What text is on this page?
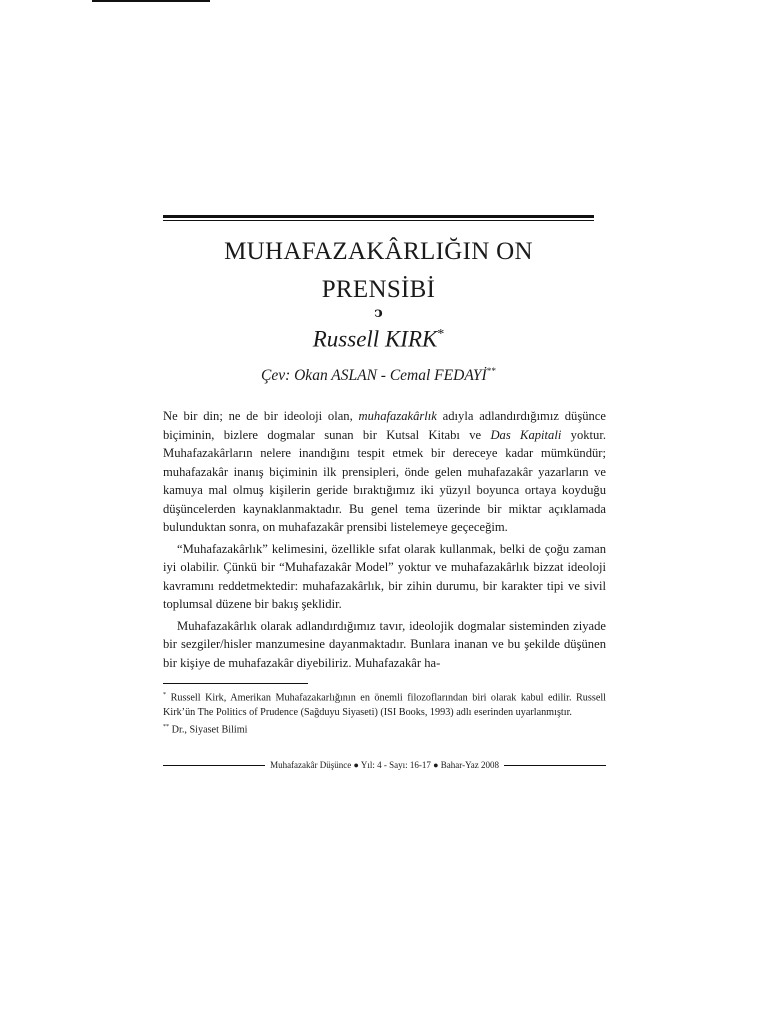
MUHAFAZAKÂRLIĞIN ON
PRENSİBİ
ↄ
Russell KIRK*
Çev: Okan ASLAN - Cemal FEDAYİ**

Ne bir din; ne de bir ideoloji olan, muhafazakârlık adıyla adlandırdığımız düşünce biçiminin, bizlere dogmalar sunan bir Kutsal Kitabı ve Das Kapitali yoktur. Muhafazakârların nelere inandığını tespit etmek bir dereceye kadar mümkündür; muhafazakâr inanış biçiminin ilk prensipleri, önde gelen muhafazakâr yazarların ve kamuya mal olmuş kişilerin geride bıraktığımız iki yüzyıl boyunca ortaya koyduğu düşüncelerden kaynaklanmaktadır. Bu genel tema üzerinde bir miktar açıklamada bulunduktan sonra, on muhafazakâr prensibi listelemeye geçeceğim.

“Muhafazakârlık” kelimesini, özellikle sıfat olarak kullanmak, belki de çoğu zaman iyi olabilir. Çünkü bir “Muhafazakâr Model” yoktur ve muhafazakârlık bizzat ideoloji kavramını reddetmektedir: muhafazakârlık, bir zihin durumu, bir karakter tipi ve sivil toplumsal düzene bir bakış şeklidir.

Muhafazakârlık olarak adlandırdığımız tavır, ideolojik dogmalar sisteminden ziyade bir sezgiler/hisler manzumesine dayanmaktadır. Bunlara inanan ve bu şekilde düşünen bir kişiye de muhafazakâr diyebiliriz. Muhafazakâr ha-

* Russell Kirk, Amerikan Muhafazakarlığının en önemli filozoflarından biri olarak kabul edilir. Russell Kirk’ün The Politics of Prudence (Sağduyu Siyaseti) (ISI Books, 1993) adlı eserinden uyarlanmıştır.

** Dr., Siyaset Bilimi

Muhafazakâr Düşünce ● Yıl: 4 - Sayı: 16-17 ● Bahar-Yaz 2008
